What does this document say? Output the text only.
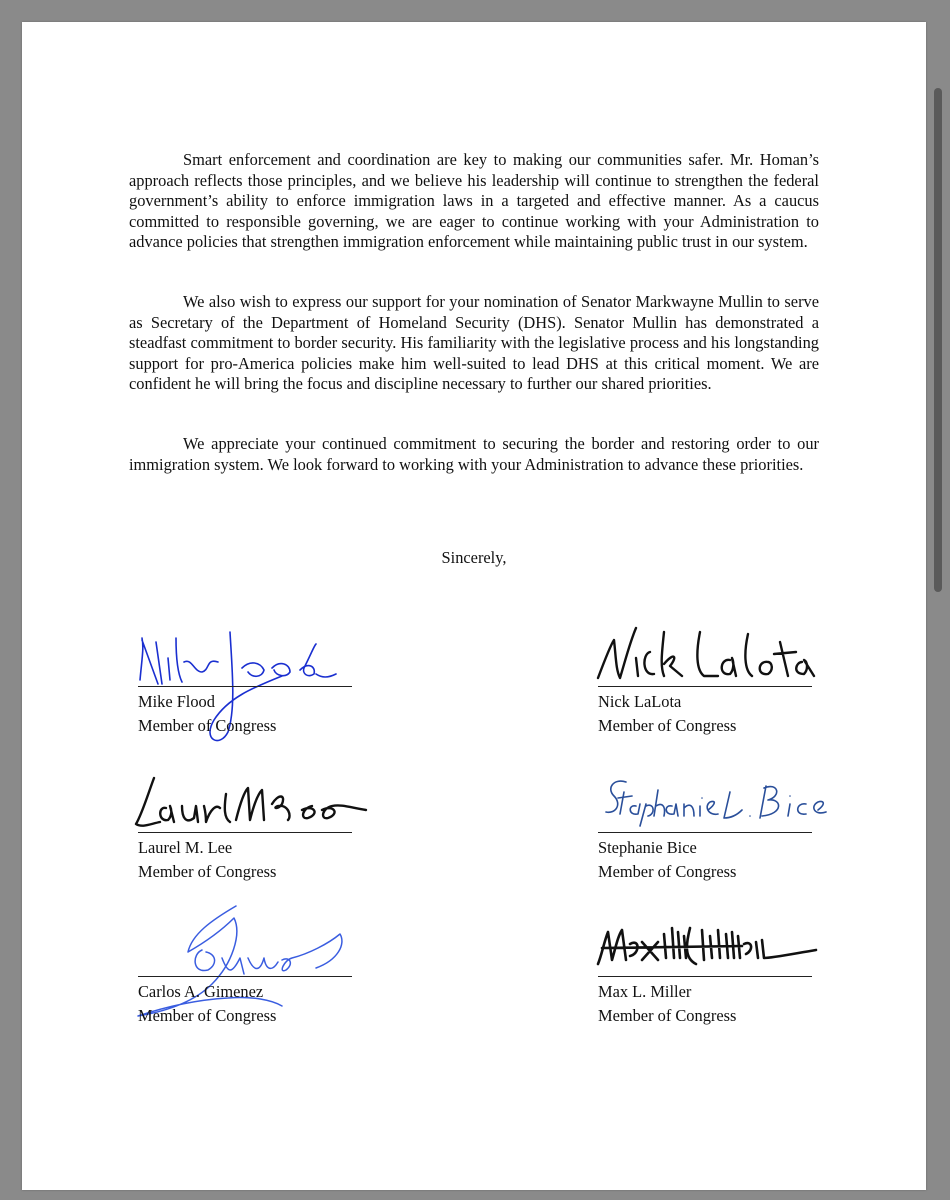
Smart enforcement and coordination are key to making our communities safer. Mr. Homan’s approach reflects those principles, and we believe his leadership will continue to strengthen the federal government’s ability to enforce immigration laws in a targeted and effective manner. As a caucus committed to responsible governing, we are eager to continue working with your Administration to advance policies that strengthen immigration enforcement while maintaining public trust in our system.

We also wish to express our support for your nomination of Senator Markwayne Mullin to serve as Secretary of the Department of Homeland Security (DHS). Senator Mullin has demonstrated a steadfast commitment to border security. His familiarity with the legislative process and his longstanding support for pro-America policies make him well-suited to lead DHS at this critical moment. We are confident he will bring the focus and discipline necessary to further our shared priorities.

We appreciate your continued commitment to securing the border and restoring order to our immigration system. We look forward to working with your Administration to advance these priorities.

Sincerely,
Mike Flood
Member of Congress
Nick LaLota
Member of Congress
Laurel M. Lee
Member of Congress
Stephanie Bice
Member of Congress
Carlos A. Gimenez
Member of Congress
Max L. Miller
Member of Congress
